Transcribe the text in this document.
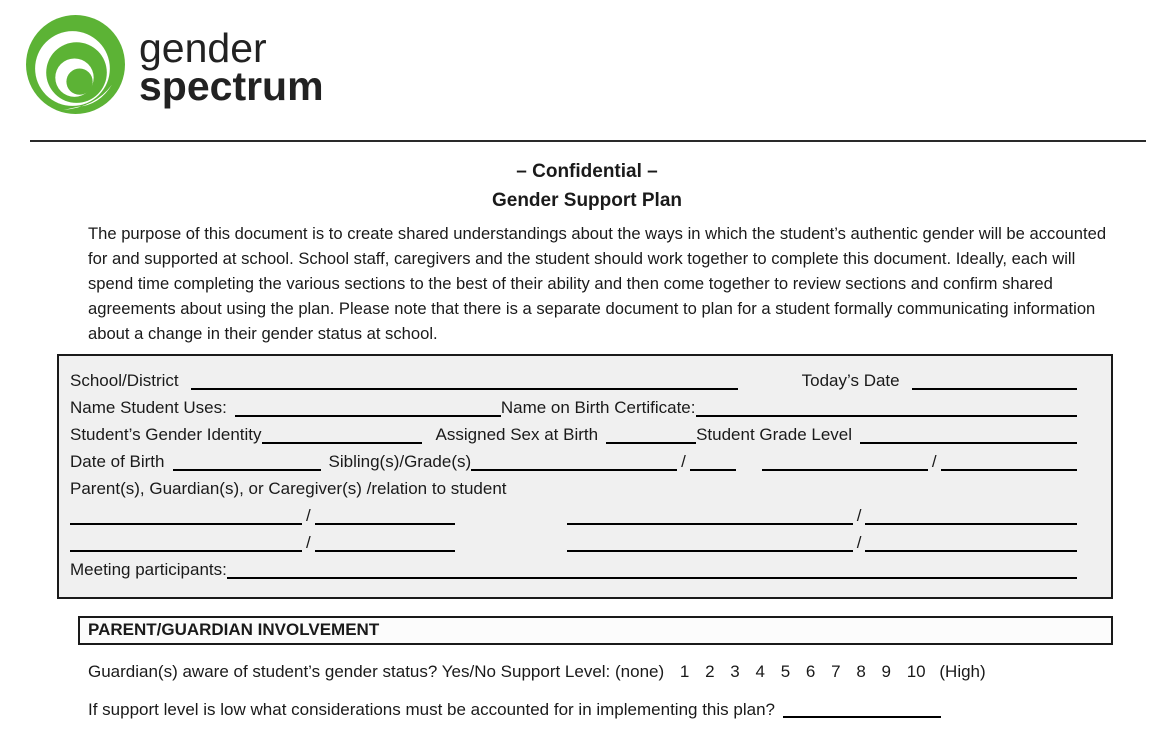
gender
spectrum
– Confidential –
Gender Support Plan

The purpose of this document is to create shared understandings about the ways in which the student’s authentic gender will be accounted for and supported at school. School staff, caregivers and the student should work together to complete this document. Ideally, each will spend time completing the various sections to the best of their ability and then come together to review sections and confirm shared agreements about using the plan. Please note that there is a separate document to plan for a student formally communicating information about a change in their gender status at school.

School/District	Today’s Date
Name Student Uses:	Name on Birth Certificate:
Student’s Gender Identity	Assigned Sex at Birth	Student Grade Level
Date of Birth	Sibling(s)/Grade(s)	/	/
Parent(s), Guardian(s), or Caregiver(s) /relation to student
/	/
/	/
Meeting participants:
PARENT/GUARDIAN INVOLVEMENT
Guardian(s) aware of student’s gender status? Yes/No Support Level: (none) 1 2 3 4 5 6 7 8 9 10 (High)
If support level is low what considerations must be accounted for in implementing this plan?
